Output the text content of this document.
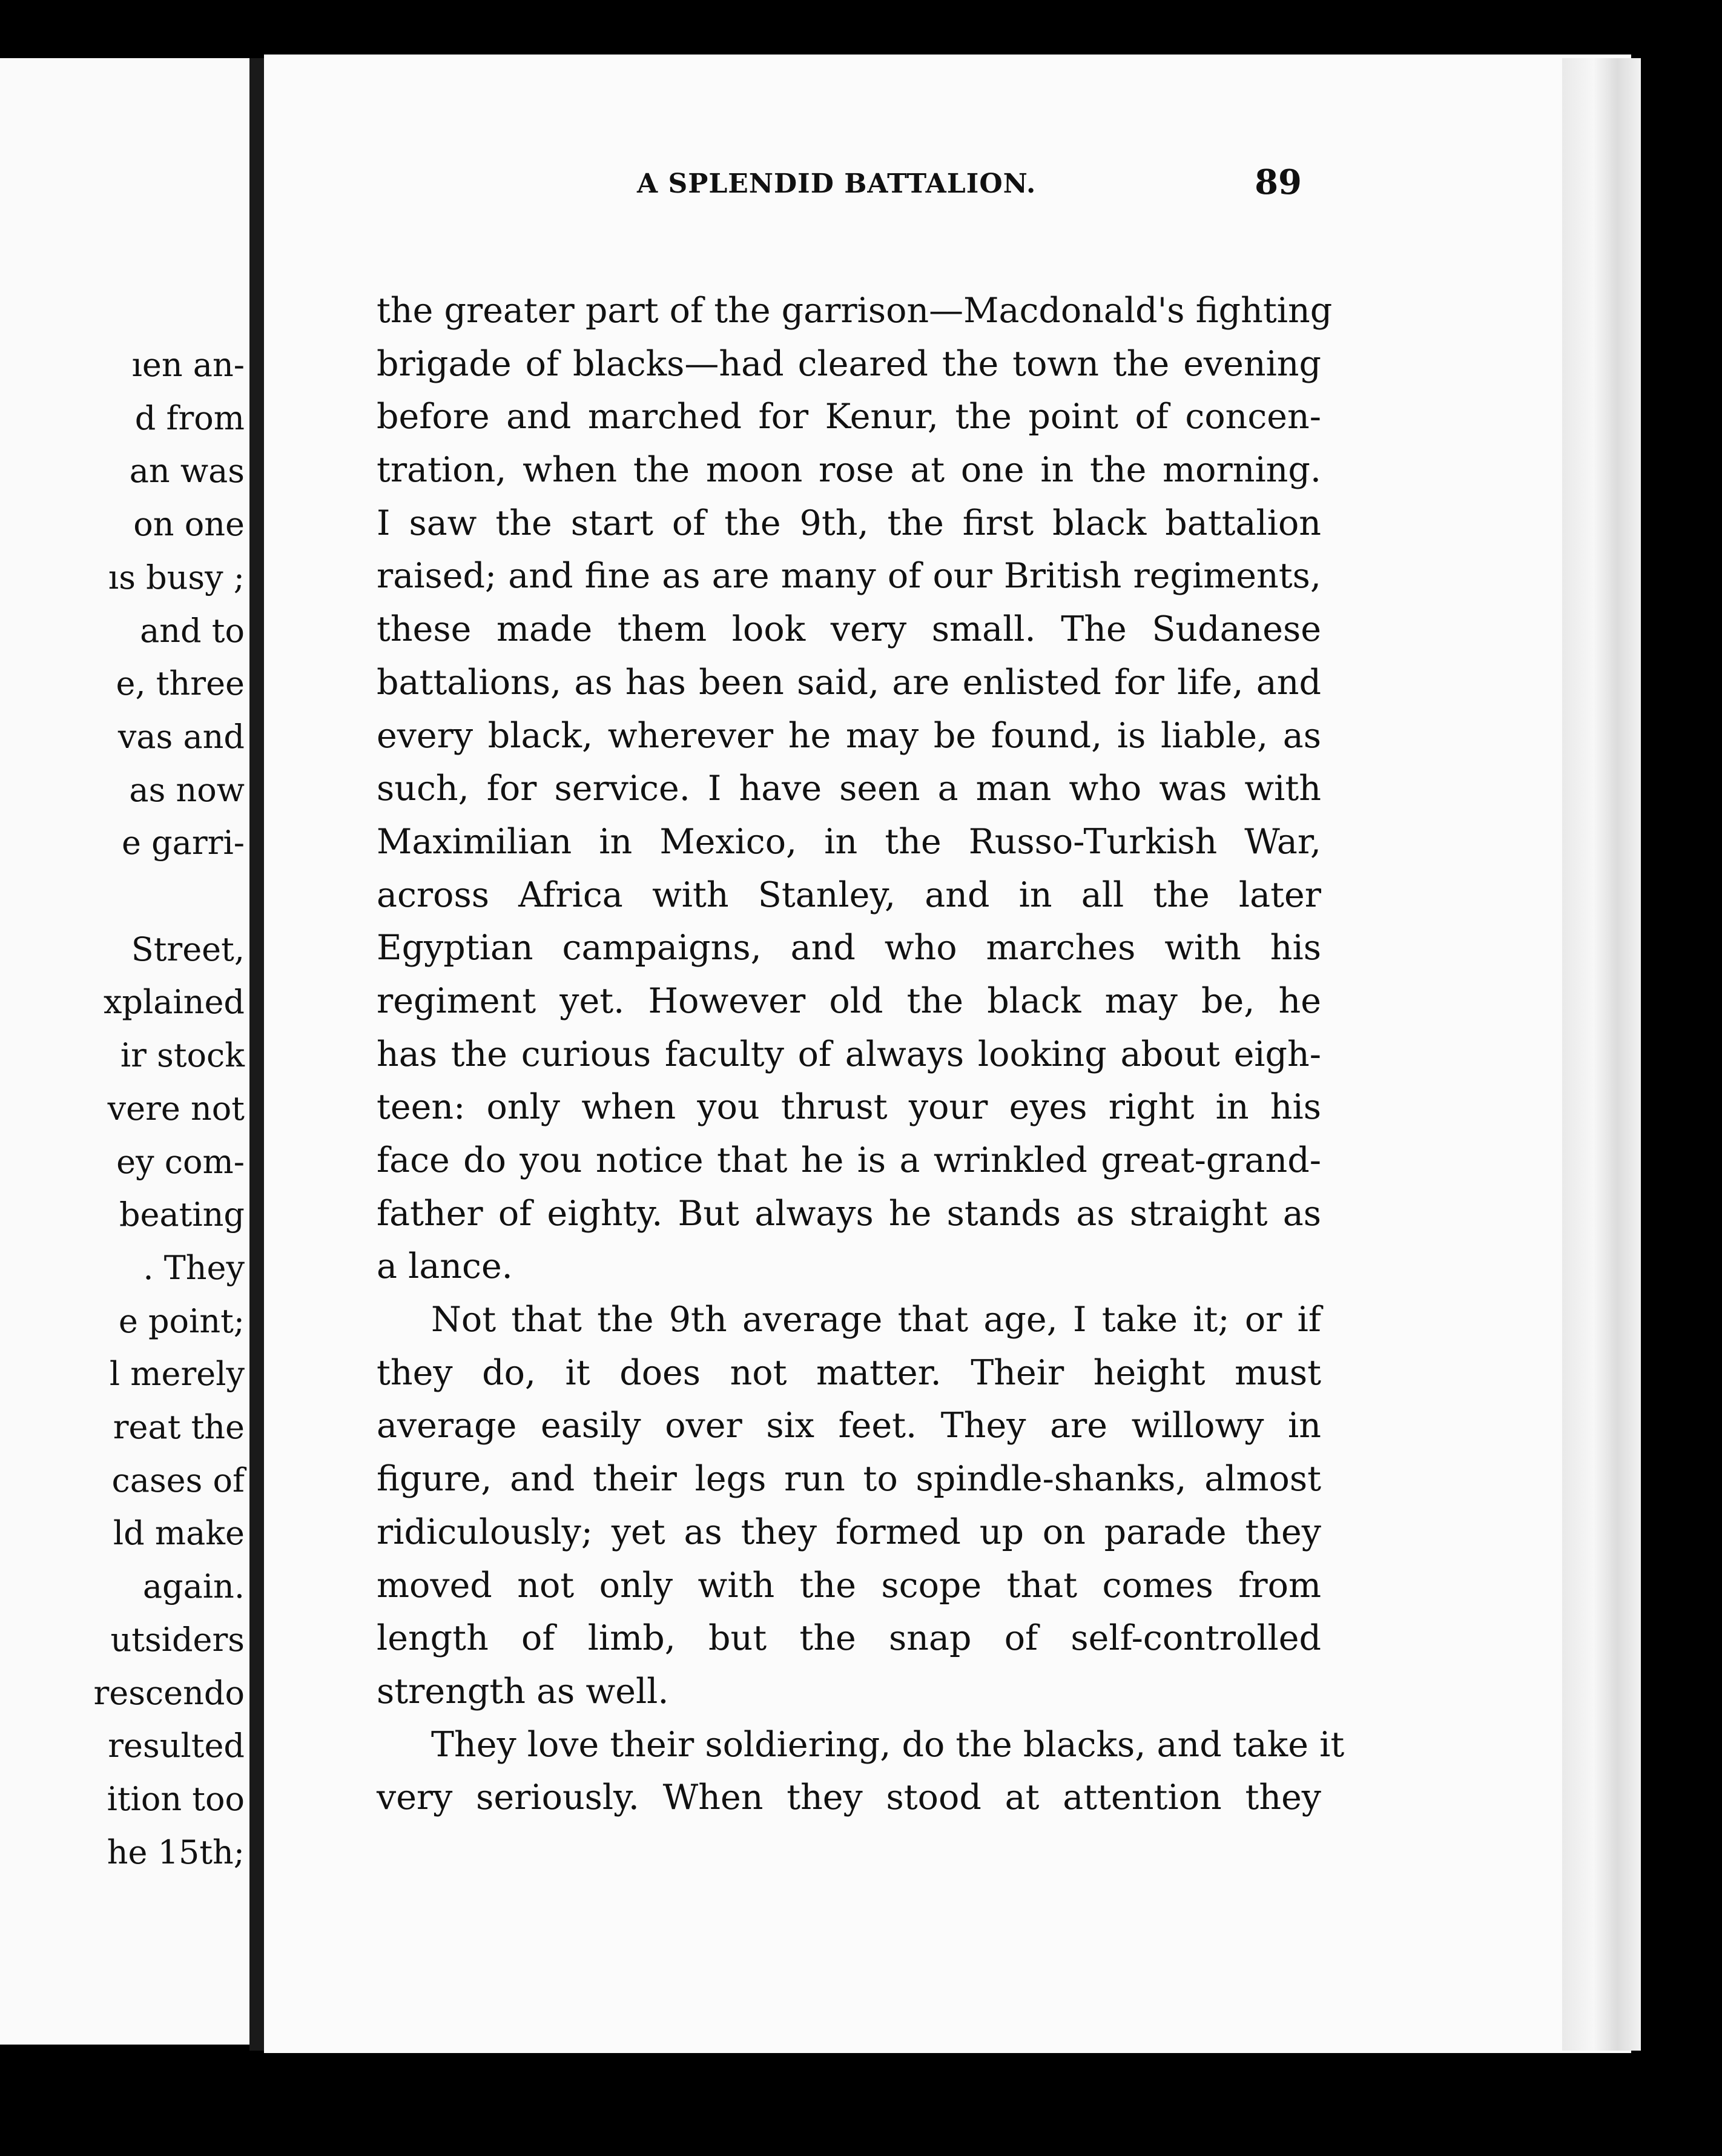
ıen an-
d from
an was
on one
ıs busy ;
and to
e, three
vas and
as now
e garri-
Street,
xplained
ir stock
vere not
ey com-
beating
. They
e point;
l merely
reat the
cases of
ld make
again.
utsiders
rescendo
resulted
ition too
he 15th;
A SPLENDID BATTALION.	89
the greater part of the garrison—Macdonald's fighting
brigade of blacks—had cleared the town the evening
before and marched for Kenur, the point of concen-
tration, when the moon rose at one in the morning.
I saw the start of the 9th, the first black battalion
raised; and fine as are many of our British regiments,
these made them look very small. The Sudanese
battalions, as has been said, are enlisted for life, and
every black, wherever he may be found, is liable, as
such, for service. I have seen a man who was with
Maximilian in Mexico, in the Russo-Turkish War,
across Africa with Stanley, and in all the later
Egyptian campaigns, and who marches with his
regiment yet. However old the black may be, he
has the curious faculty of always looking about eigh-
teen: only when you thrust your eyes right in his
face do you notice that he is a wrinkled great-grand-
father of eighty. But always he stands as straight as
a lance.
Not that the 9th average that age, I take it; or if
they do, it does not matter. Their height must
average easily over six feet. They are willowy in
figure, and their legs run to spindle-shanks, almost
ridiculously; yet as they formed up on parade they
moved not only with the scope that comes from
length of limb, but the snap of self-controlled
strength as well.
They love their soldiering, do the blacks, and take it
very seriously. When they stood at attention they
